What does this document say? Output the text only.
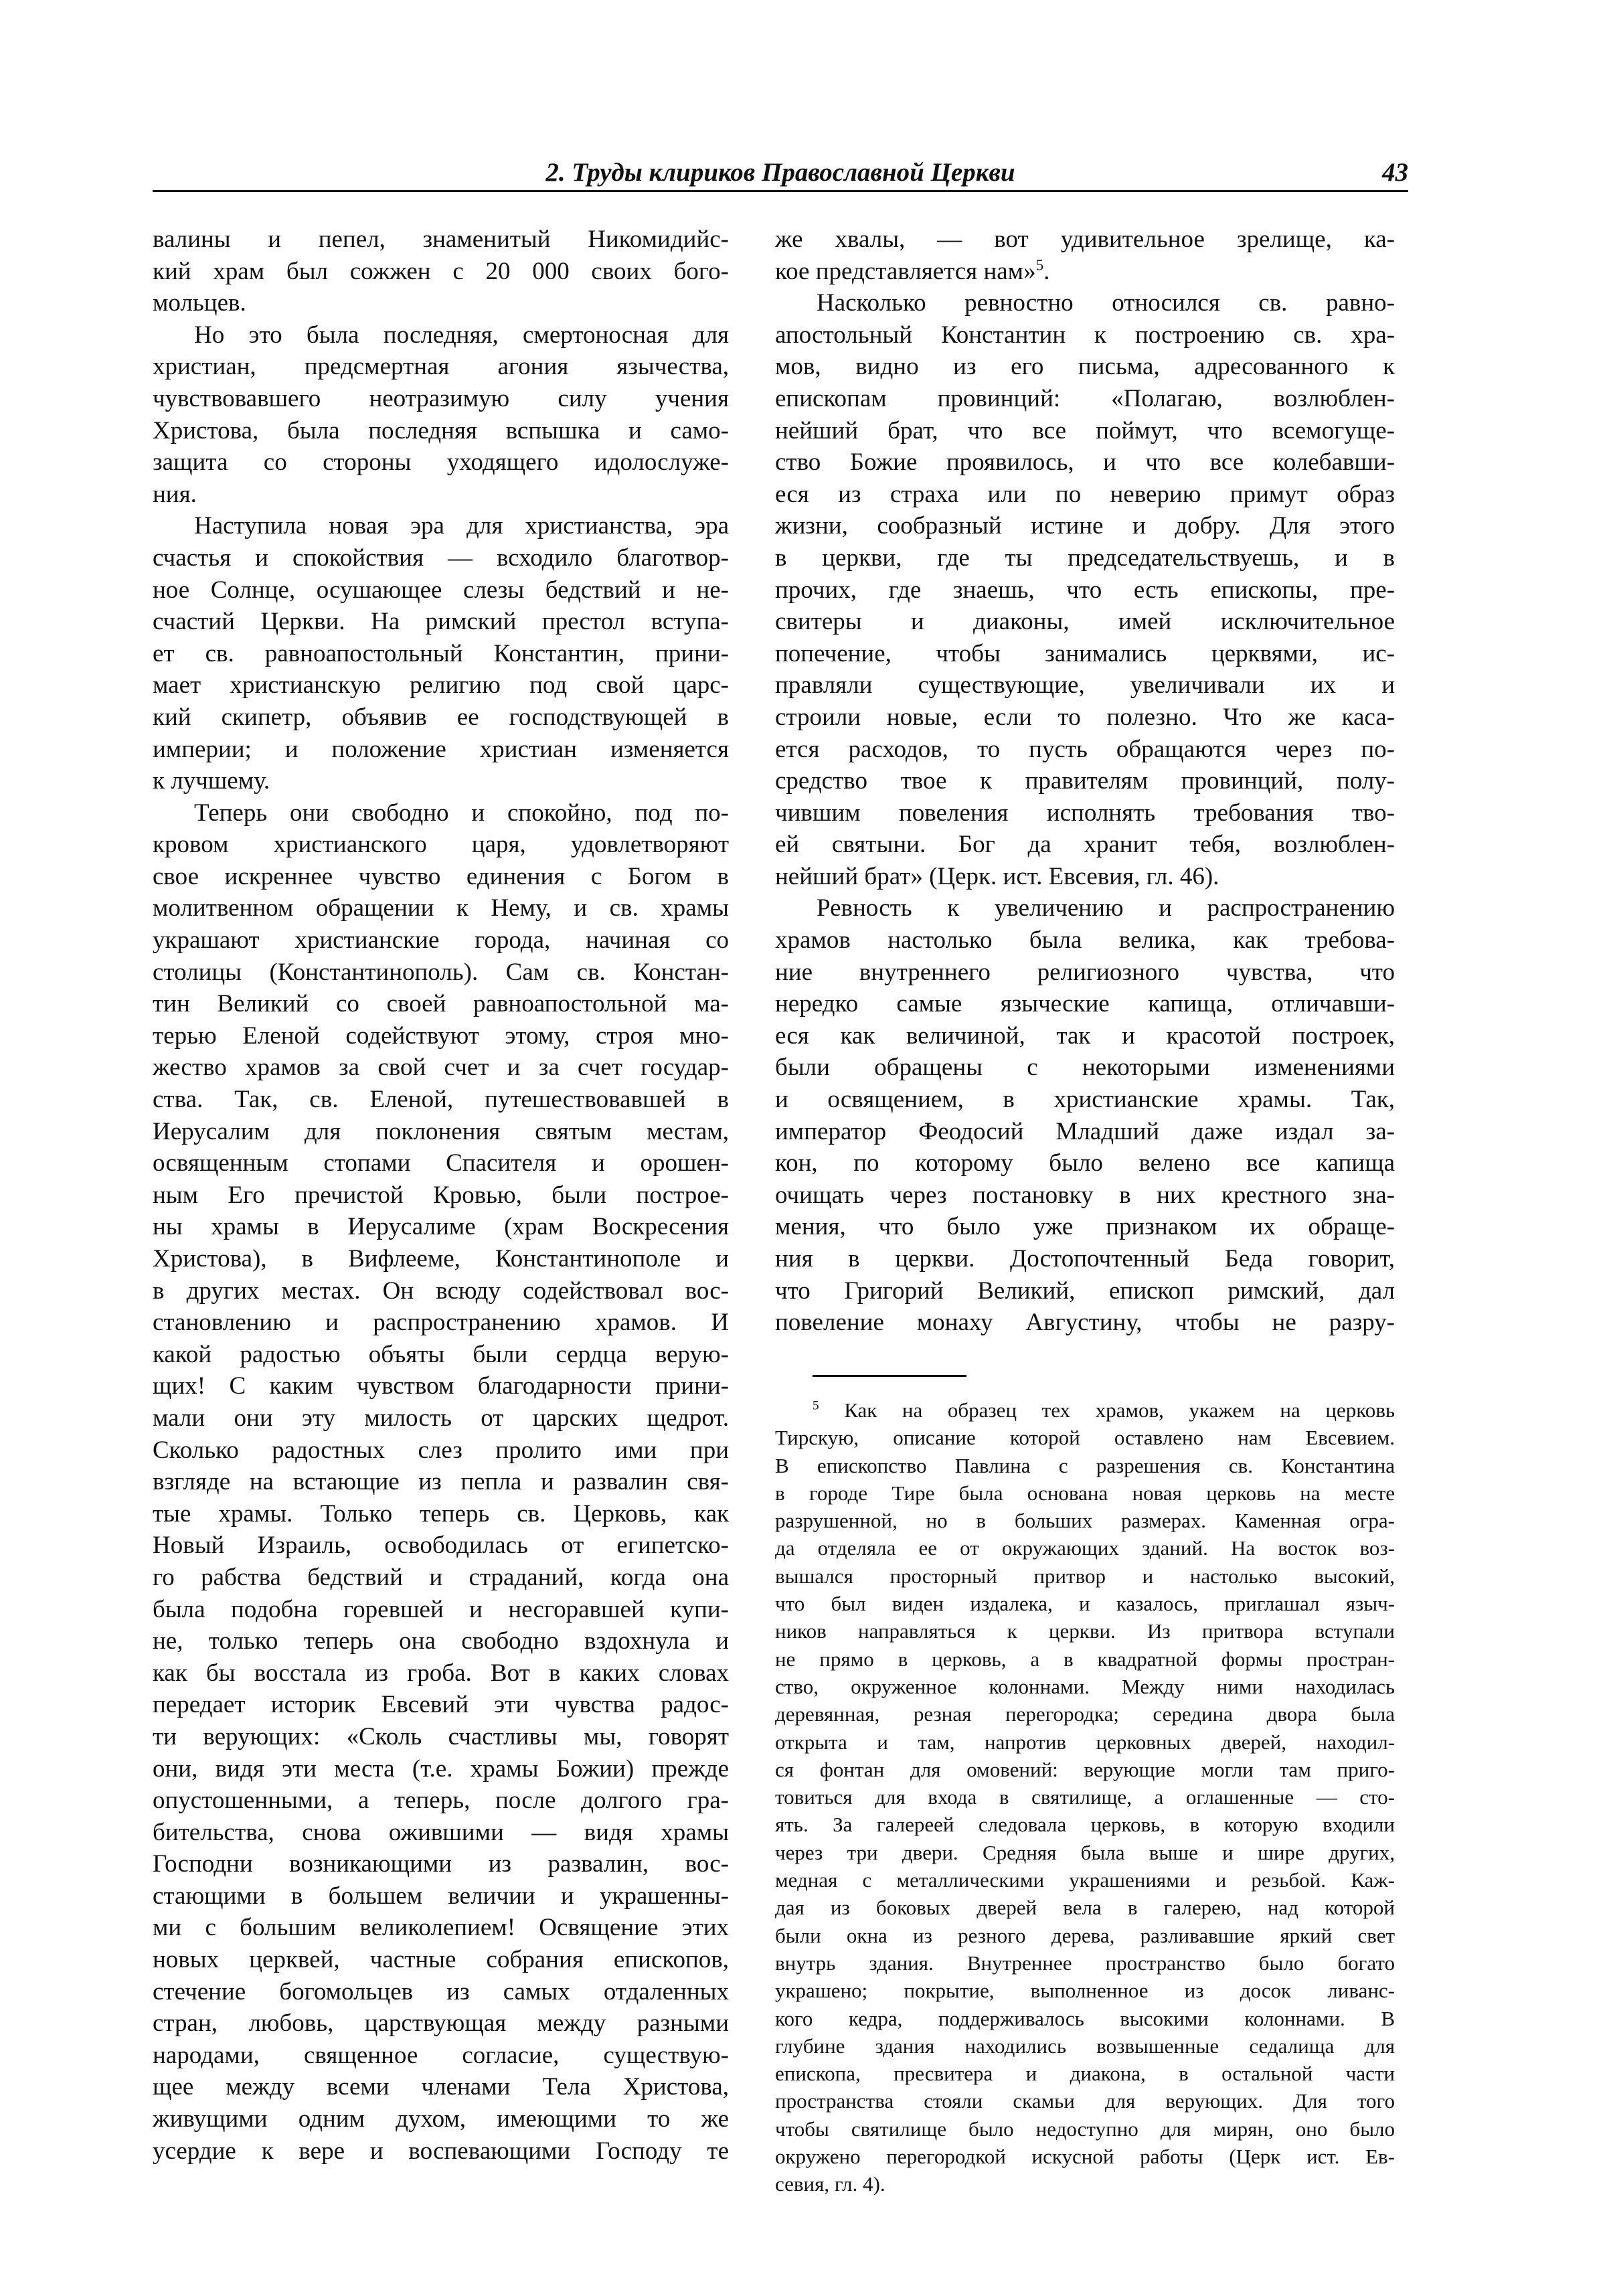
2. Труды клириков Православной Церкви	43
валины и пепел, знаменитый Никомидийс-
кий храм был сожжен с 20 000 своих бого-
мольцев.
Но это была последняя, смертоносная для
христиан, предсмертная агония язычества,
чувствовавшего неотразимую силу учения
Христова, была последняя вспышка и само-
защита со стороны уходящего идолослуже-
ния.
Наступила новая эра для христианства, эра
счастья и спокойствия — всходило благотвор-
ное Солнце, осушающее слезы бедствий и не-
счастий Церкви. На римский престол вступа-
ет св. равноапостольный Константин, прини-
мает христианскую религию под свой царс-
кий скипетр, объявив ее господствующей в
империи; и положение христиан изменяется
к лучшему.
Теперь они свободно и спокойно, под по-
кровом христианского царя, удовлетворяют
свое искреннее чувство единения с Богом в
молитвенном обращении к Нему, и св. храмы
украшают христианские города, начиная со
столицы (Константинополь). Сам св. Констан-
тин Великий со своей равноапостольной ма-
терью Еленой содействуют этому, строя мно-
жество храмов за свой счет и за счет государ-
ства. Так, св. Еленой, путешествовавшей в
Иерусалим для поклонения святым местам,
освященным стопами Спасителя и орошен-
ным Его пречистой Кровью, были построе-
ны храмы в Иерусалиме (храм Воскресения
Христова), в Вифлееме, Константинополе и
в других местах. Он всюду содействовал вос-
становлению и распространению храмов. И
какой радостью объяты были сердца верую-
щих! С каким чувством благодарности прини-
мали они эту милость от царских щедрот.
Сколько радостных слез пролито ими при
взгляде на встающие из пепла и развалин свя-
тые храмы. Только теперь св. Церковь, как
Новый Израиль, освободилась от египетско-
го рабства бедствий и страданий, когда она
была подобна горевшей и несгоравшей купи-
не, только теперь она свободно вздохнула и
как бы восстала из гроба. Вот в каких словах
передает историк Евсевий эти чувства радос-
ти верующих: «Сколь счастливы мы, говорят
они, видя эти места (т.е. храмы Божии) прежде
опустошенными, а теперь, после долгого гра-
бительства, снова ожившими — видя храмы
Господни возникающими из развалин, вос-
стающими в большем величии и украшенны-
ми с большим великолепием! Освящение этих
новых церквей, частные собрания епископов,
стечение богомольцев из самых отдаленных
стран, любовь, царствующая между разными
народами, священное согласие, существую-
щее между всеми членами Тела Христова,
живущими одним духом, имеющими то же
усердие к вере и воспевающими Господу те
же хвалы, — вот удивительное зрелище, ка-
кое представляется нам»$^5$.
Насколько ревностно относился св. равно-
апостольный Константин к построению св. хра-
мов, видно из его письма, адресованного к
епископам провинций: «Полагаю, возлюблен-
нейший брат, что все поймут, что всемогуще-
ство Божие проявилось, и что все колебавши-
еся из страха или по неверию примут образ
жизни, сообразный истине и добру. Для этого
в церкви, где ты председательствуешь, и в
прочих, где знаешь, что есть епископы, пре-
свитеры и диаконы, имей исключительное
попечение, чтобы занимались церквями, ис-
правляли существующие, увеличивали их и
строили новые, если то полезно. Что же каса-
ется расходов, то пусть обращаются через по-
средство твое к правителям провинций, полу-
чившим повеления исполнять требования тво-
ей святыни. Бог да хранит тебя, возлюблен-
нейший брат» (Церк. ист. Евсевия, гл. 46).
Ревность к увеличению и распространению
храмов настолько была велика, как требова-
ние внутреннего религиозного чувства, что
нередко самые языческие капища, отличавши-
еся как величиной, так и красотой построек,
были обращены с некоторыми изменениями
и освящением, в христианские храмы. Так,
император Феодосий Младший даже издал за-
кон, по которому было велено все капища
очищать через постановку в них крестного зна-
мения, что было уже признаком их обраще-
ния в церкви. Достопочтенный Беда говорит,
что Григорий Великий, епископ римский, дал
повеление монаху Августину, чтобы не разру-
$^5$ Как на образец тех храмов, укажем на церковь
Тирскую, описание которой оставлено нам Евсевием.
В епископство Павлина с разрешения св. Константина
в городе Тире была основана новая церковь на месте
разрушенной, но в больших размерах. Каменная огра-
да отделяла ее от окружающих зданий. На восток воз-
вышался просторный притвор и настолько высокий,
что был виден издалека, и казалось, приглашал языч-
ников направляться к церкви. Из притвора вступали
не прямо в церковь, а в квадратной формы простран-
ство, окруженное колоннами. Между ними находилась
деревянная, резная перегородка; середина двора была
открыта и там, напротив церковных дверей, находил-
ся фонтан для омовений: верующие могли там приго-
товиться для входа в святилище, а оглашенные — сто-
ять. За галереей следовала церковь, в которую входили
через три двери. Средняя была выше и шире других,
медная с металлическими украшениями и резьбой. Каж-
дая из боковых дверей вела в галерею, над которой
были окна из резного дерева, разливавшие яркий свет
внутрь здания. Внутреннее пространство было богато
украшено; покрытие, выполненное из досок ливанс-
кого кедра, поддерживалось высокими колоннами. В
глубине здания находились возвышенные седалища для
епископа, пресвитера и диакона, в остальной части
пространства стояли скамьи для верующих. Для того
чтобы святилище было недоступно для мирян, оно было
окружено перегородкой искусной работы (Церк ист. Ев-
севия, гл. 4).
